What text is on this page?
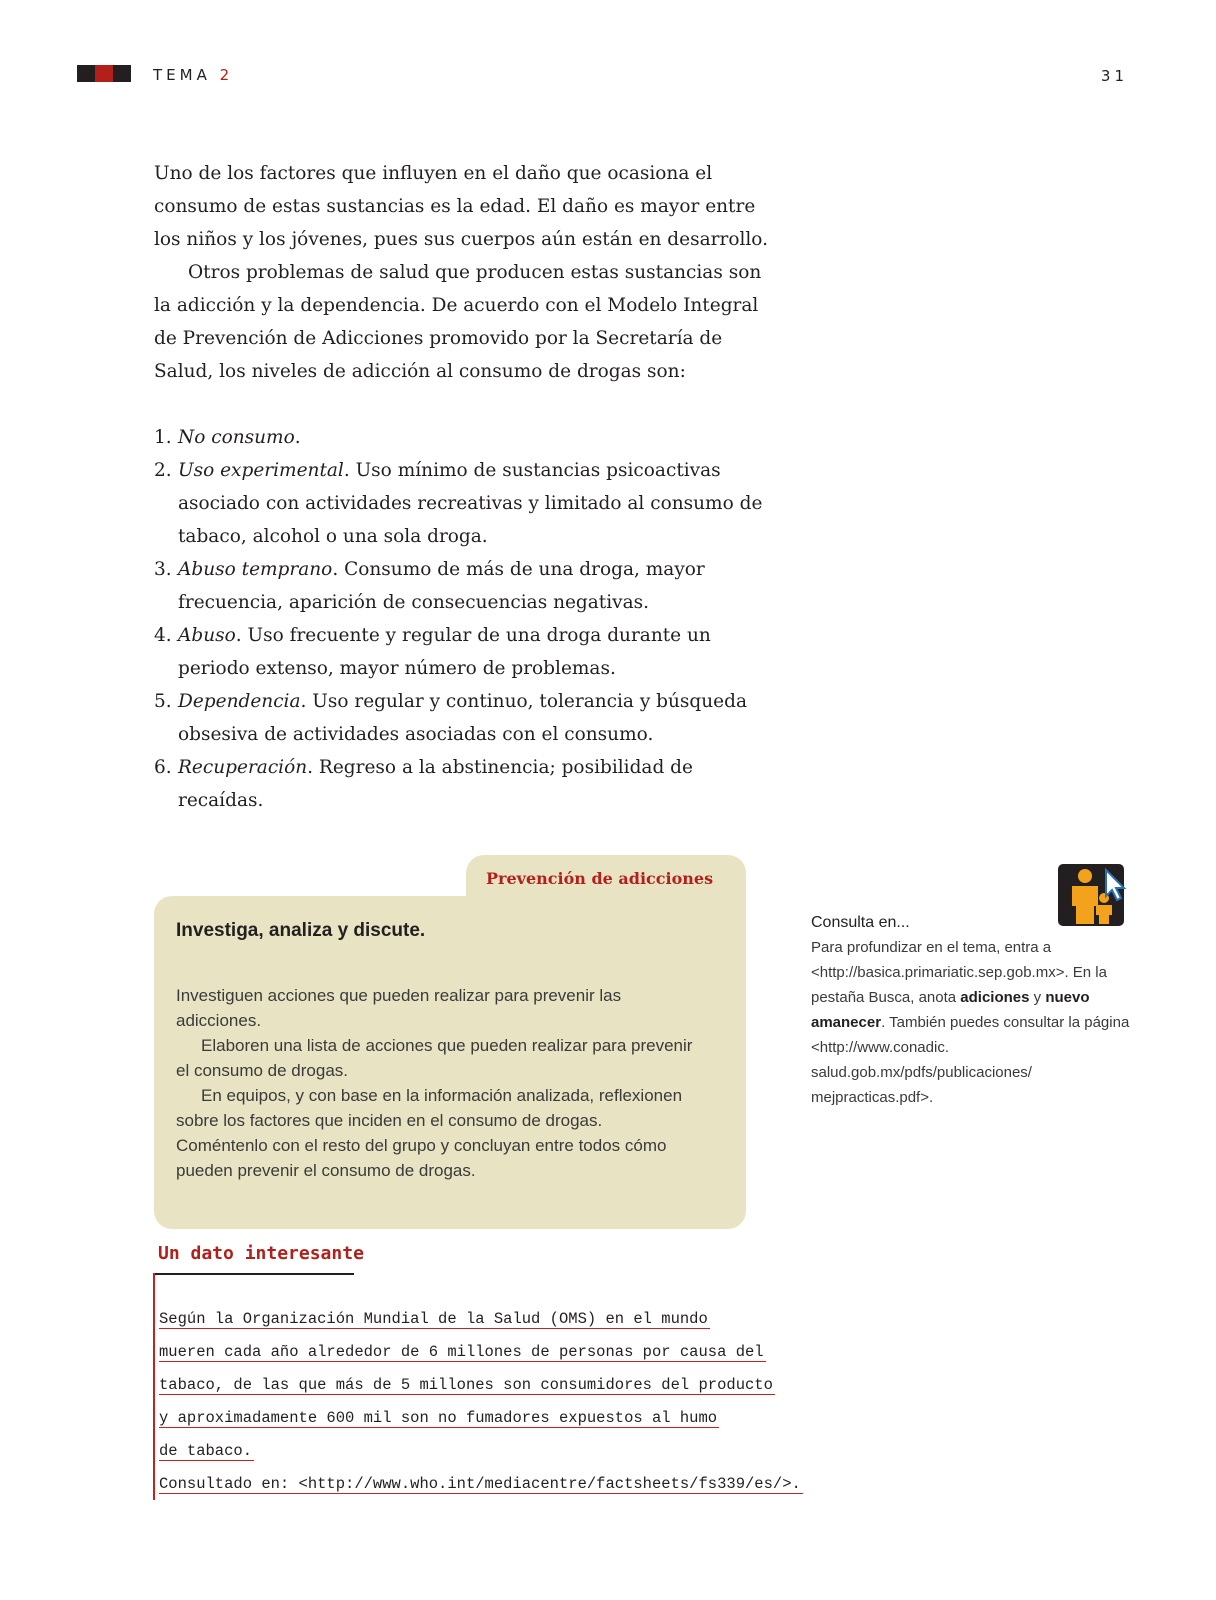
TEMA 2	31

Uno de los factores que influyen en el daño que ocasiona el consumo de estas sustancias es la edad. El daño es mayor entre los niños y los jóvenes, pues sus cuerpos aún están en desarrollo.

Otros problemas de salud que producen estas sustancias son la adicción y la dependencia. De acuerdo con el Modelo Integral de Prevención de Adicciones promovido por la Secretaría de Salud, los niveles de adicción al consumo de drogas son:

1. No consumo.
2. Uso experimental. Uso mínimo de sustancias psicoactivas asociado con actividades recreativas y limitado al consumo de tabaco, alcohol o una sola droga.
3. Abuso temprano. Consumo de más de una droga, mayor frecuencia, aparición de consecuencias negativas.
4. Abuso. Uso frecuente y regular de una droga durante un periodo extenso, mayor número de problemas.
5. Dependencia. Uso regular y continuo, tolerancia y búsqueda obsesiva de actividades asociadas con el consumo.
6. Recuperación. Regreso a la abstinencia; posibilidad de recaídas.
Prevención de adicciones
Investiga, analiza y discute.

Investiguen acciones que pueden realizar para prevenir las adicciones.

Elaboren una lista de acciones que pueden realizar para prevenir el consumo de drogas.

En equipos, y con base en la información analizada, reflexionen sobre los factores que inciden en el consumo de drogas. Coméntenlo con el resto del grupo y concluyan entre todos cómo pueden prevenir el consumo de drogas.

Consulta en...
Para profundizar en el tema, entra a <http://basica.primariatic.sep.gob.mx>. En la pestaña Busca, anota adiciones y nuevo amanecer. También puedes consultar la página <http://www.conadic. salud.gob.mx/pdfs/publicaciones/ mejpracticas.pdf>.
Un dato interesante
Según la Organización Mundial de la Salud (OMS) en el mundo
mueren cada año alrededor de 6 millones de personas por causa del
tabaco, de las que más de 5 millones son consumidores del producto
y aproximadamente 600 mil son no fumadores expuestos al humo
de tabaco.
Consultado en: <http://www.who.int/mediacentre/factsheets/fs339/es/>.
